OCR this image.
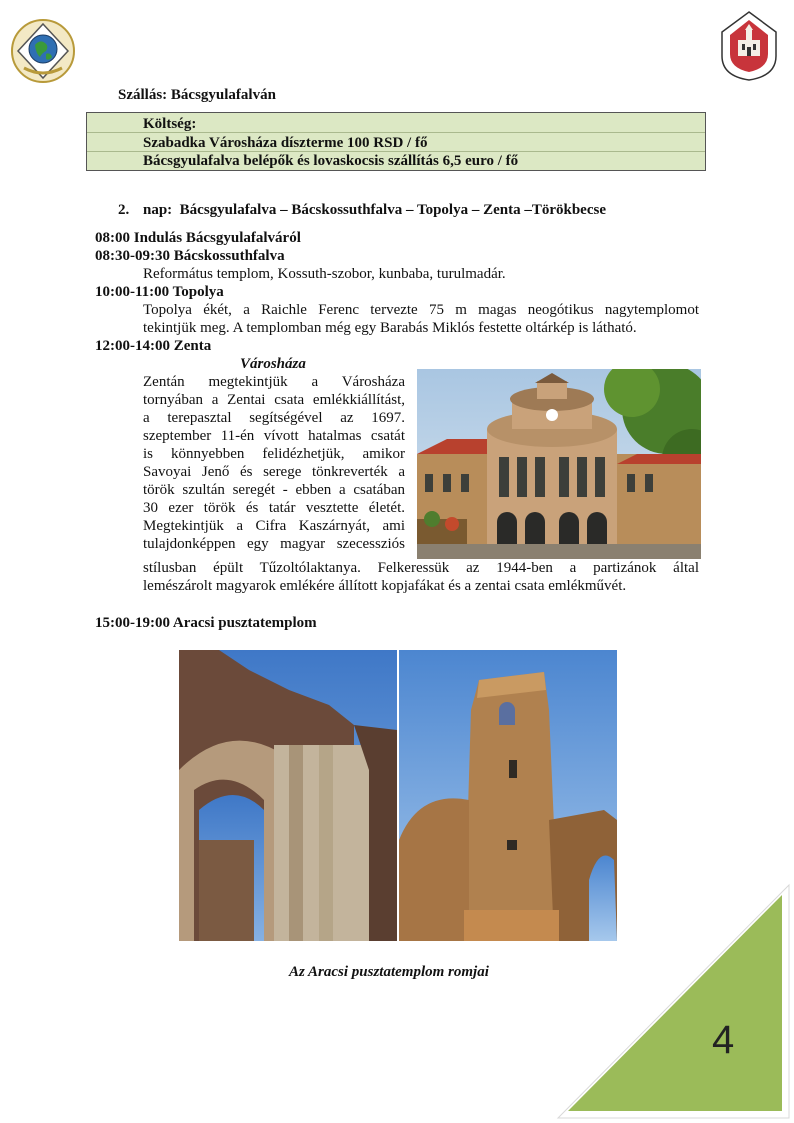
Szállás: Bácsgyulafalván
Költség:
Szabadka Városháza díszterme 100 RSD / fő
Bácsgyulafalva belépők és lovaskocsis szállítás 6,5 euro / fő
2. nap:  Bácsgyulafalva – Bácskossuthfalva – Topolya – Zenta –Törökbecse
08:00 Indulás Bácsgyulafalváról
08:30-09:30 Bácskossuthfalva
Református templom, Kossuth-szobor, kunbaba, turulmadár.
10:00-11:00 Topolya
Topolya ékét, a Raichle Ferenc tervezte 75 m magas neogótikus nagytemplomot
tekintjük meg. A templomban még egy Barabás Miklós festette oltárkép is látható.
12:00-14:00 Zenta
Városháza
Zentán megtekintjük a Városháza
tornyában a Zentai csata emlékkiállítást,
a terepasztal segítségével az 1697.
szeptember 11-én vívott hatalmas csatát
is könnyebben felidézhetjük, amikor
Savoyai Jenő és serege tönkreverték a
török szultán seregét - ebben a csatában
30 ezer török és tatár vesztette életét.
Megtekintjük a Cifra Kaszárnyát, ami
tulajdonképpen egy magyar szecessziós
stílusban épült Tűzoltólaktanya. Felkeressük az 1944-ben a partizánok által
lemészárolt magyarok emlékére állított kopjafákat és a zentai csata emlékművét.
15:00-19:00 Aracsi pusztatemplom
Az Aracsi pusztatemplom romjai
4
